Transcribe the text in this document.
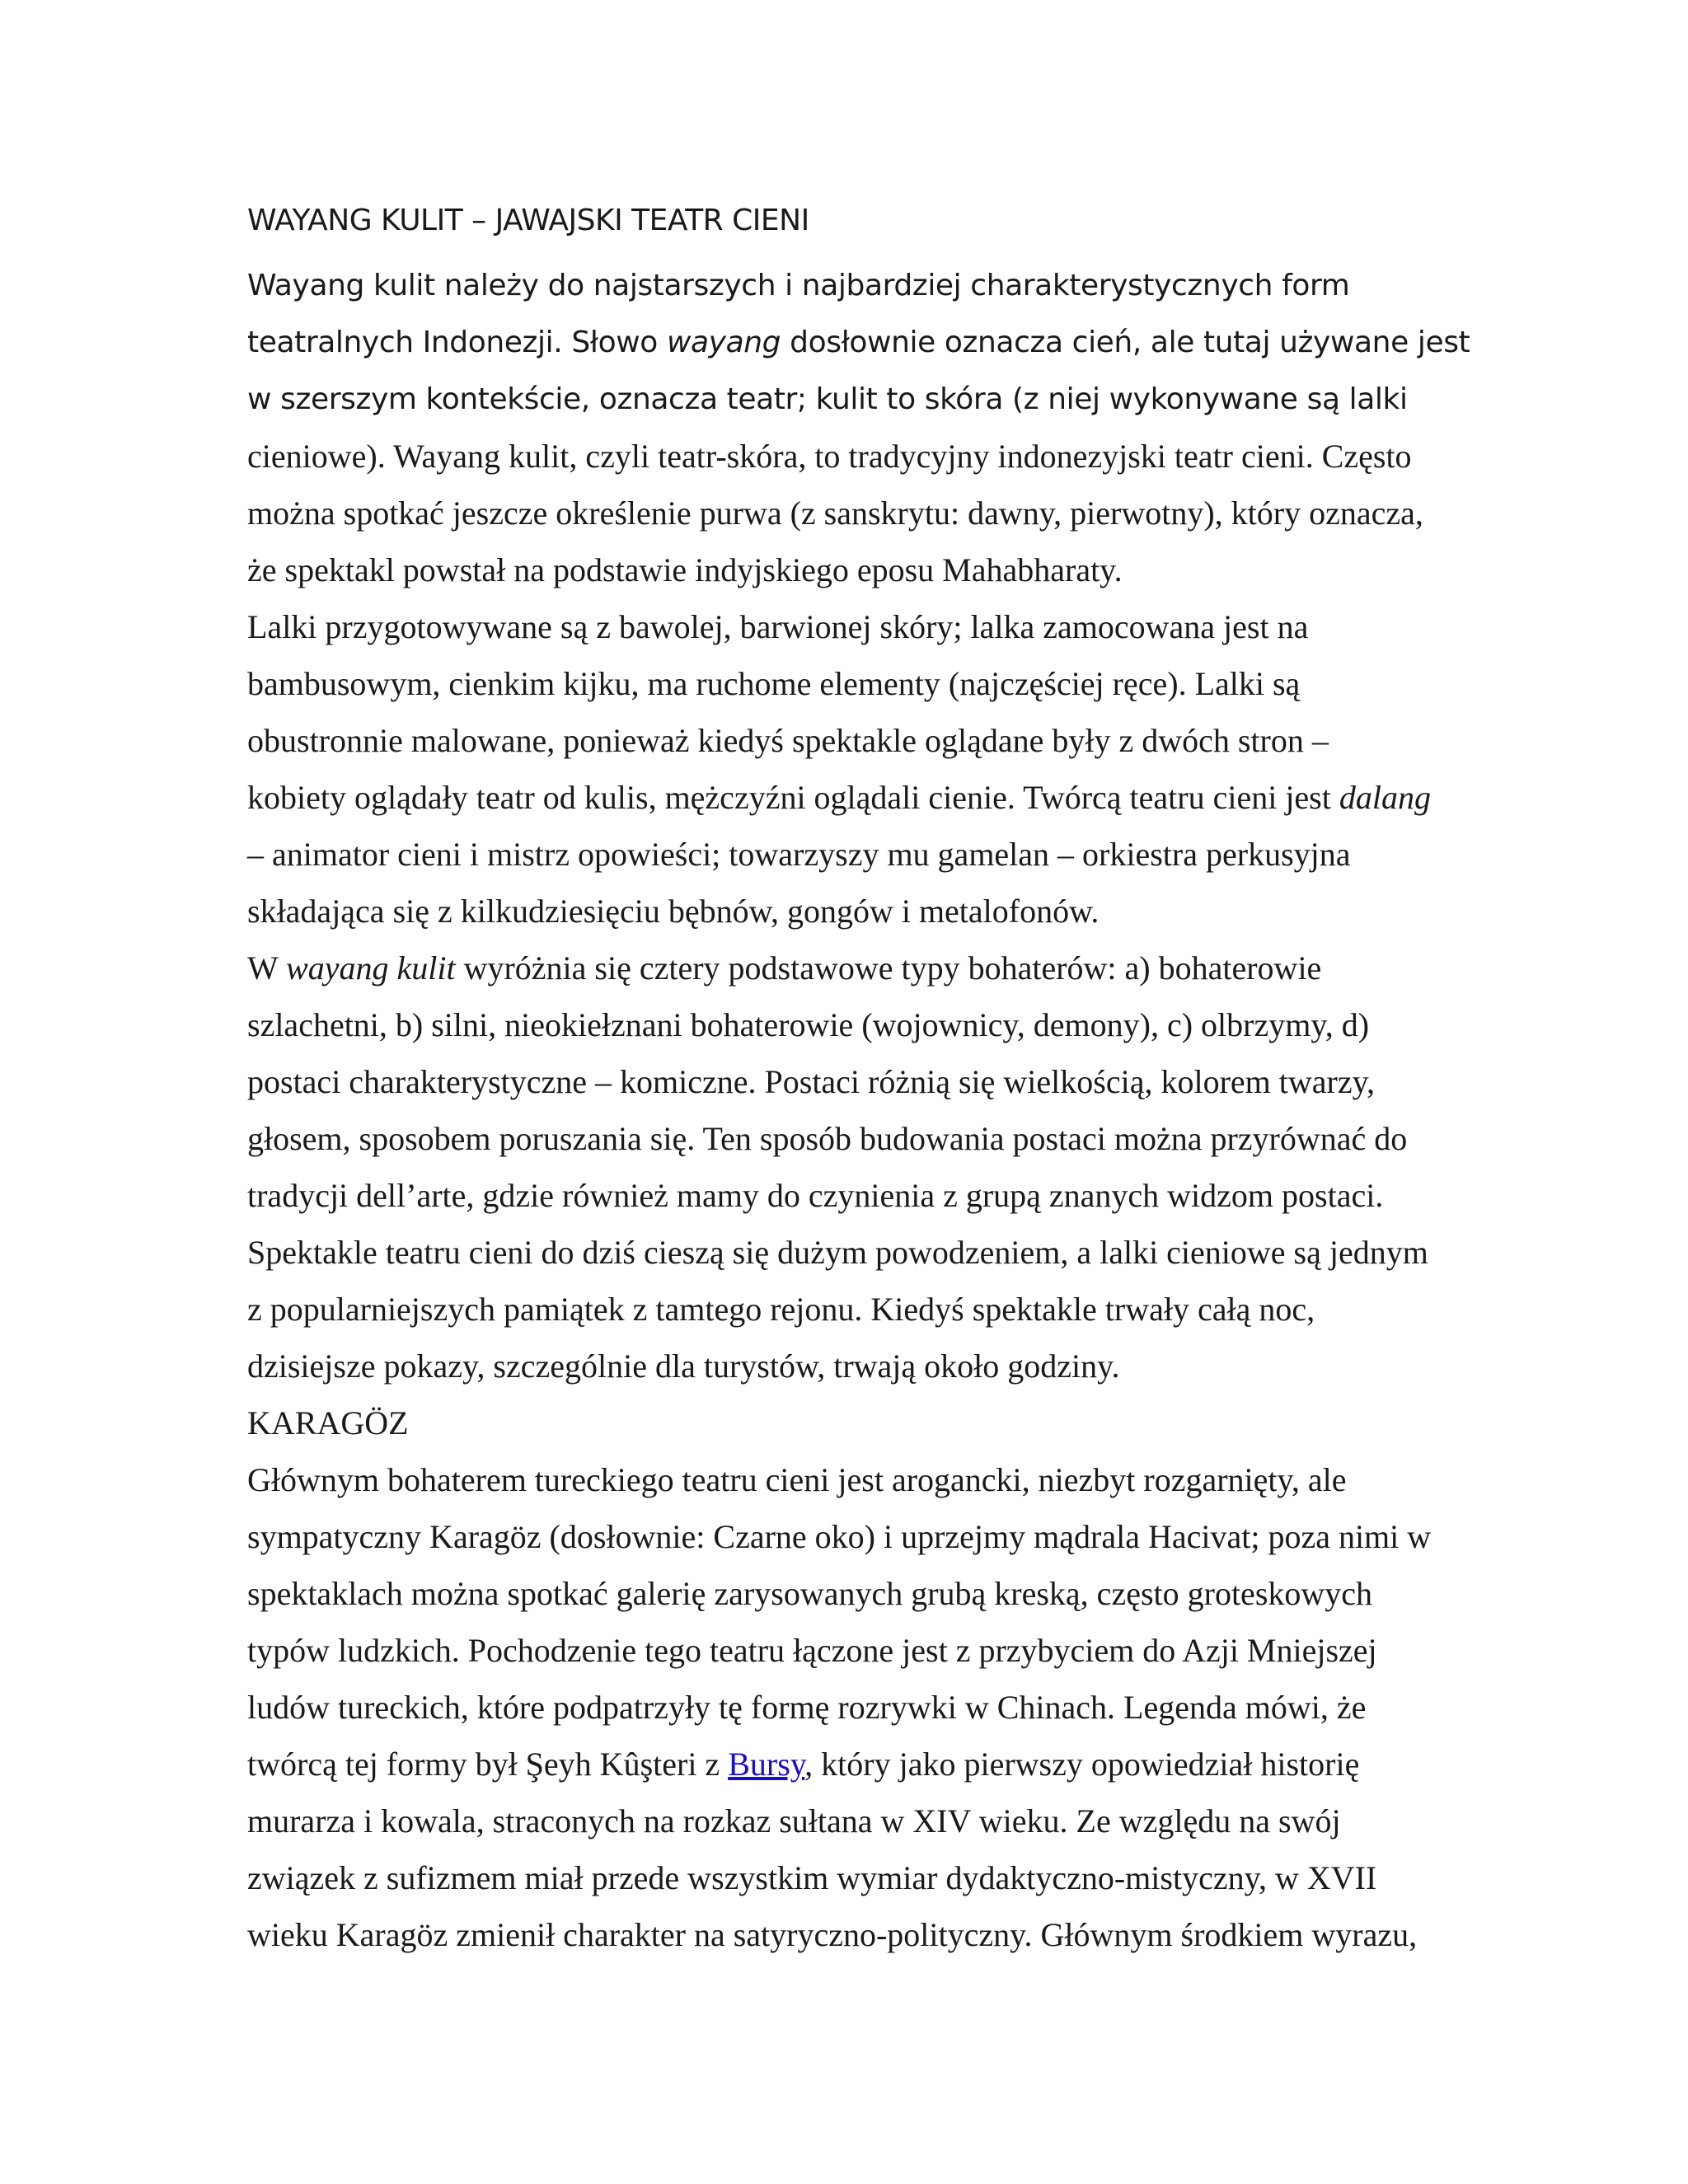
WAYANG KULIT – JAWAJSKI TEATR CIENI
Wayang kulit należy do najstarszych i najbardziej charakterystycznych form
teatralnych Indonezji. Słowo wayang dosłownie oznacza cień, ale tutaj używane jest
w szerszym kontekście, oznacza teatr; kulit to skóra (z niej wykonywane są lalki
cieniowe). Wayang kulit, czyli teatr-skóra, to tradycyjny indonezyjski teatr cieni. Często
można spotkać jeszcze określenie purwa (z sanskrytu: dawny, pierwotny), który oznacza,
że spektakl powstał na podstawie indyjskiego eposu Mahabharaty.
Lalki przygotowywane są z bawolej, barwionej skóry; lalka zamocowana jest na
bambusowym, cienkim kijku, ma ruchome elementy (najczęściej ręce). Lalki są
obustronnie malowane, ponieważ kiedyś spektakle oglądane były z dwóch stron –
kobiety oglądały teatr od kulis, mężczyźni oglądali cienie. Twórcą teatru cieni jest dalang
– animator cieni i mistrz opowieści; towarzyszy mu gamelan – orkiestra perkusyjna
składająca się z kilkudziesięciu bębnów, gongów i metalofonów.
W wayang kulit wyróżnia się cztery podstawowe typy bohaterów: a) bohaterowie
szlachetni, b) silni, nieokiełznani bohaterowie (wojownicy, demony), c) olbrzymy, d)
postaci charakterystyczne – komiczne. Postaci różnią się wielkością, kolorem twarzy,
głosem, sposobem poruszania się. Ten sposób budowania postaci można przyrównać do
tradycji dell’arte, gdzie również mamy do czynienia z grupą znanych widzom postaci.
Spektakle teatru cieni do dziś cieszą się dużym powodzeniem, a lalki cieniowe są jednym
z popularniejszych pamiątek z tamtego rejonu. Kiedyś spektakle trwały całą noc,
dzisiejsze pokazy, szczególnie dla turystów, trwają około godziny.
KARAGÖZ
Głównym bohaterem tureckiego teatru cieni jest arogancki, niezbyt rozgarnięty, ale
sympatyczny Karagöz (dosłownie: Czarne oko) i uprzejmy mądrala Hacivat; poza nimi w
spektaklach można spotkać galerię zarysowanych grubą kreską, często groteskowych
typów ludzkich. Pochodzenie tego teatru łączone jest z przybyciem do Azji Mniejszej
ludów tureckich, które podpatrzyły tę formę rozrywki w Chinach. Legenda mówi, że
twórcą tej formy był Şeyh Kûşteri z Bursy, który jako pierwszy opowiedział historię
murarza i kowala, straconych na rozkaz sułtana w XIV wieku. Ze względu na swój
związek z sufizmem miał przede wszystkim wymiar dydaktyczno-mistyczny, w XVII
wieku Karagöz zmienił charakter na satyryczno-polityczny. Głównym środkiem wyrazu,
